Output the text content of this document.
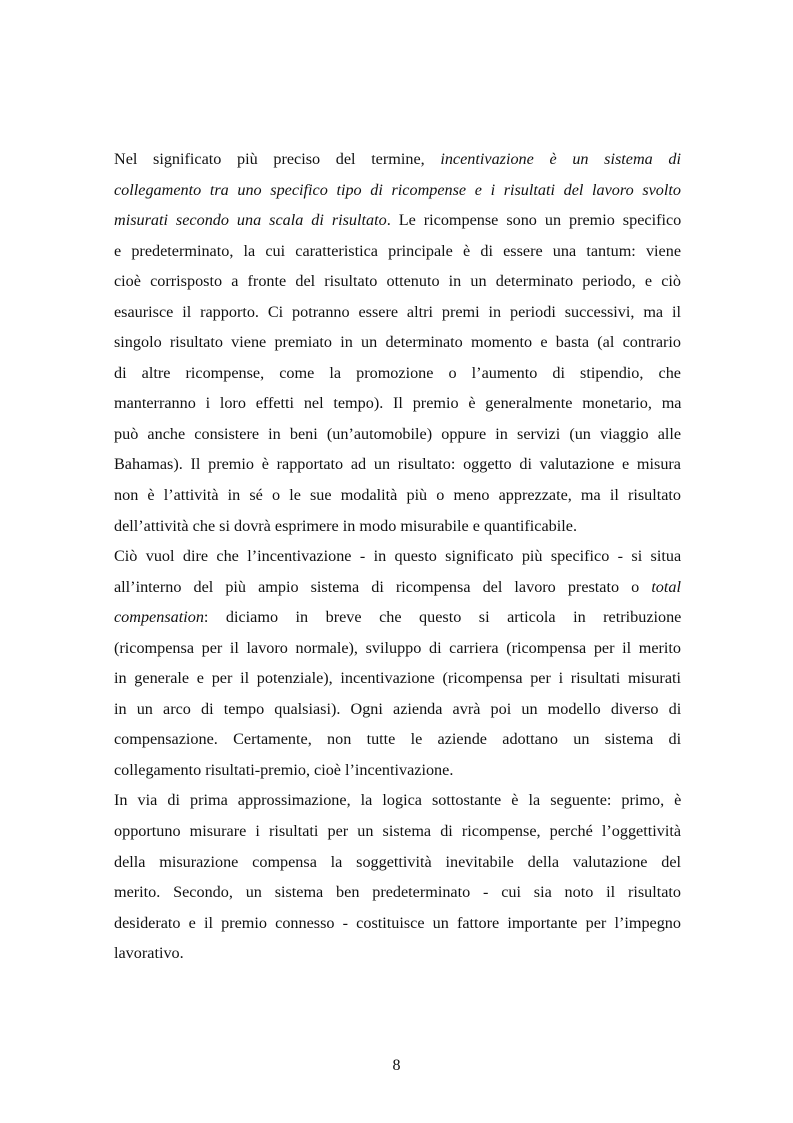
Nel significato più preciso del termine, incentivazione è un sistema di
collegamento tra uno specifico tipo di ricompense e i risultati del lavoro svolto
misurati secondo una scala di risultato. Le ricompense sono un premio specifico
e predeterminato, la cui caratteristica principale è di essere una tantum: viene
cioè corrisposto a fronte del risultato ottenuto in un determinato periodo, e ciò
esaurisce il rapporto. Ci potranno essere altri premi in periodi successivi, ma il
singolo risultato viene premiato in un determinato momento e basta (al contrario
di altre ricompense, come la promozione o l’aumento di stipendio, che
manterranno i loro effetti nel tempo). Il premio è generalmente monetario, ma
può anche consistere in beni (un’automobile) oppure in servizi (un viaggio alle
Bahamas). Il premio è rapportato ad un risultato: oggetto di valutazione e misura
non è l’attività in sé o le sue modalità più o meno apprezzate, ma il risultato
dell’attività che si dovrà esprimere in modo misurabile e quantificabile.
Ciò vuol dire che l’incentivazione - in questo significato più specifico - si situa
all’interno del più ampio sistema di ricompensa del lavoro prestato o total
compensation: diciamo in breve che questo si articola in retribuzione
(ricompensa per il lavoro normale), sviluppo di carriera (ricompensa per il merito
in generale e per il potenziale), incentivazione (ricompensa per i risultati misurati
in un arco di tempo qualsiasi). Ogni azienda avrà poi un modello diverso di
compensazione. Certamente, non tutte le aziende adottano un sistema di
collegamento risultati-premio, cioè l’incentivazione.
In via di prima approssimazione, la logica sottostante è la seguente: primo, è
opportuno misurare i risultati per un sistema di ricompense, perché l’oggettività
della misurazione compensa la soggettività inevitabile della valutazione del
merito. Secondo, un sistema ben predeterminato - cui sia noto il risultato
desiderato e il premio connesso - costituisce un fattore importante per l’impegno
lavorativo.
8
